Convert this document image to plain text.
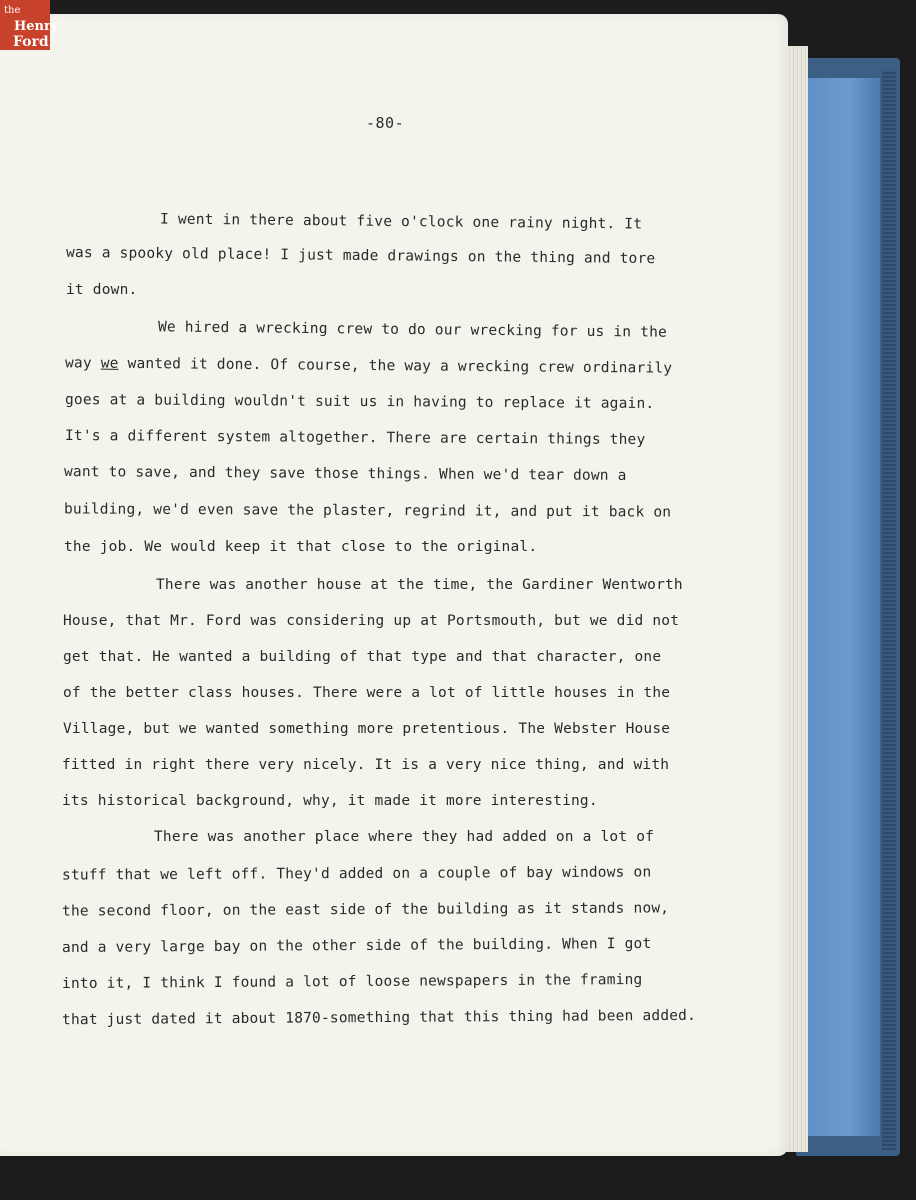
the
Henry
Ford
-80-
I went in there about five o'clock one rainy night. It
was a spooky old place! I just made drawings on the thing and tore
it down.
We hired a wrecking crew to do our wrecking for us in the
way we wanted it done. Of course, the way a wrecking crew ordinarily
goes at a building wouldn't suit us in having to replace it again.
It's a different system altogether. There are certain things they
want to save, and they save those things. When we'd tear down a
building, we'd even save the plaster, regrind it, and put it back on
the job. We would keep it that close to the original.
There was another house at the time, the Gardiner Wentworth
House, that Mr. Ford was considering up at Portsmouth, but we did not
get that. He wanted a building of that type and that character, one
of the better class houses. There were a lot of little houses in the
Village, but we wanted something more pretentious. The Webster House
fitted in right there very nicely. It is a very nice thing, and with
its historical background, why, it made it more interesting.
There was another place where they had added on a lot of
stuff that we left off. They'd added on a couple of bay windows on
the second floor, on the east side of the building as it stands now,
and a very large bay on the other side of the building. When I got
into it, I think I found a lot of loose newspapers in the framing
that just dated it about 1870-something that this thing had been added.
